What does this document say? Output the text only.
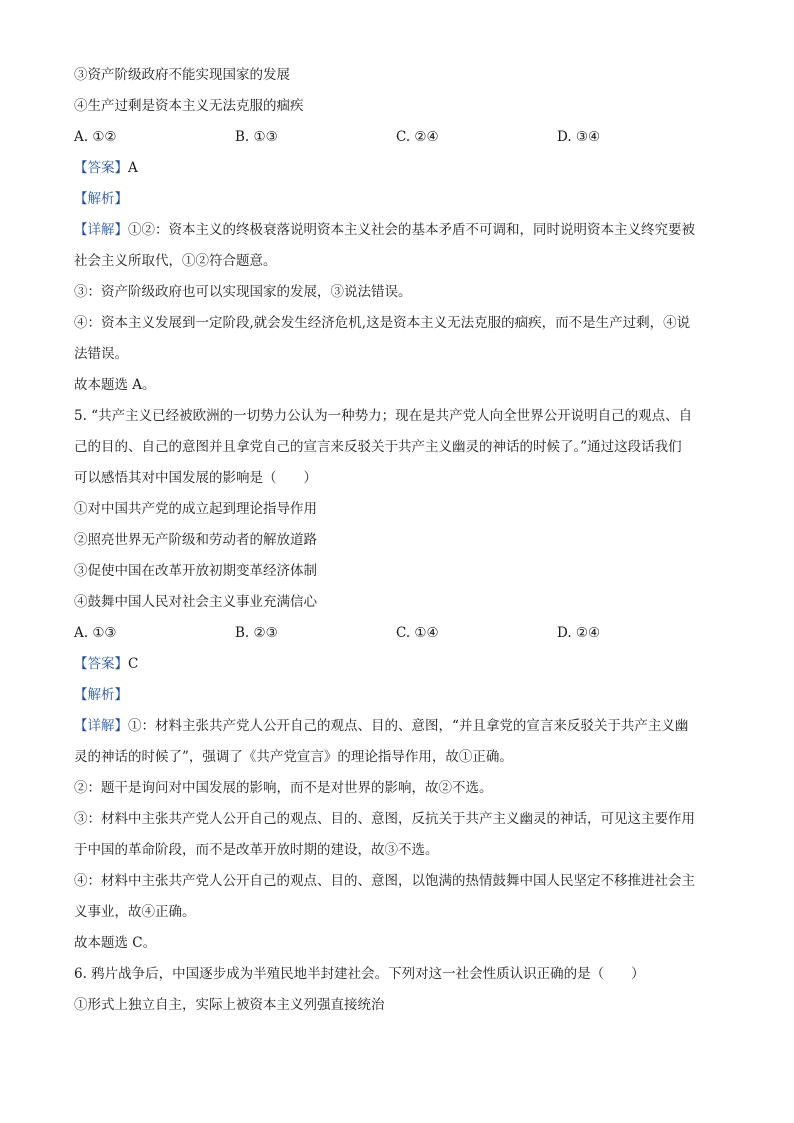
③资产阶级政府不能实现国家的发展
④生产过剩是资本主义无法克服的痼疾
A. ①②	B. ①③	C. ②④	D. ③④
【答案】A
【解析】
【详解】①②：资本主义的终极衰落说明资本主义社会的基本矛盾不可调和，同时说明资本主义终究要被
社会主义所取代，①②符合题意。
③：资产阶级政府也可以实现国家的发展，③说法错误。
④：资本主义发展到一定阶段,就会发生经济危机,这是资本主义无法克服的痼疾，而不是生产过剩，④说
法错误。
故本题选 A。
5. “共产主义已经被欧洲的一切势力公认为一种势力；现在是共产党人向全世界公开说明自己的观点、自
己的目的、自己的意图并且拿党自己的宣言来反驳关于共产主义幽灵的神话的时候了。”通过这段话我们
可以感悟其对中国发展的影响是（　　）
①对中国共产党的成立起到理论指导作用
②照亮世界无产阶级和劳动者的解放道路
③促使中国在改革开放初期变革经济体制
④鼓舞中国人民对社会主义事业充满信心
A. ①③	B. ②③	C. ①④	D. ②④
【答案】C
【解析】
【详解】①：材料主张共产党人公开自己的观点、目的、意图，“并且拿党的宣言来反驳关于共产主义幽
灵的神话的时候了”，强调了《共产党宣言》的理论指导作用，故①正确。
②：题干是询问对中国发展的影响，而不是对世界的影响，故②不选。
③：材料中主张共产党人公开自己的观点、目的、意图，反抗关于共产主义幽灵的神话，可见这主要作用
于中国的革命阶段，而不是改革开放时期的建设，故③不选。
④：材料中主张共产党人公开自己的观点、目的、意图，以饱满的热情鼓舞中国人民坚定不移推进社会主
义事业，故④正确。
故本题选 C。
6. 鸦片战争后，中国逐步成为半殖民地半封建社会。下列对这一社会性质认识正确的是（　　）
①形式上独立自主，实际上被资本主义列强直接统治
